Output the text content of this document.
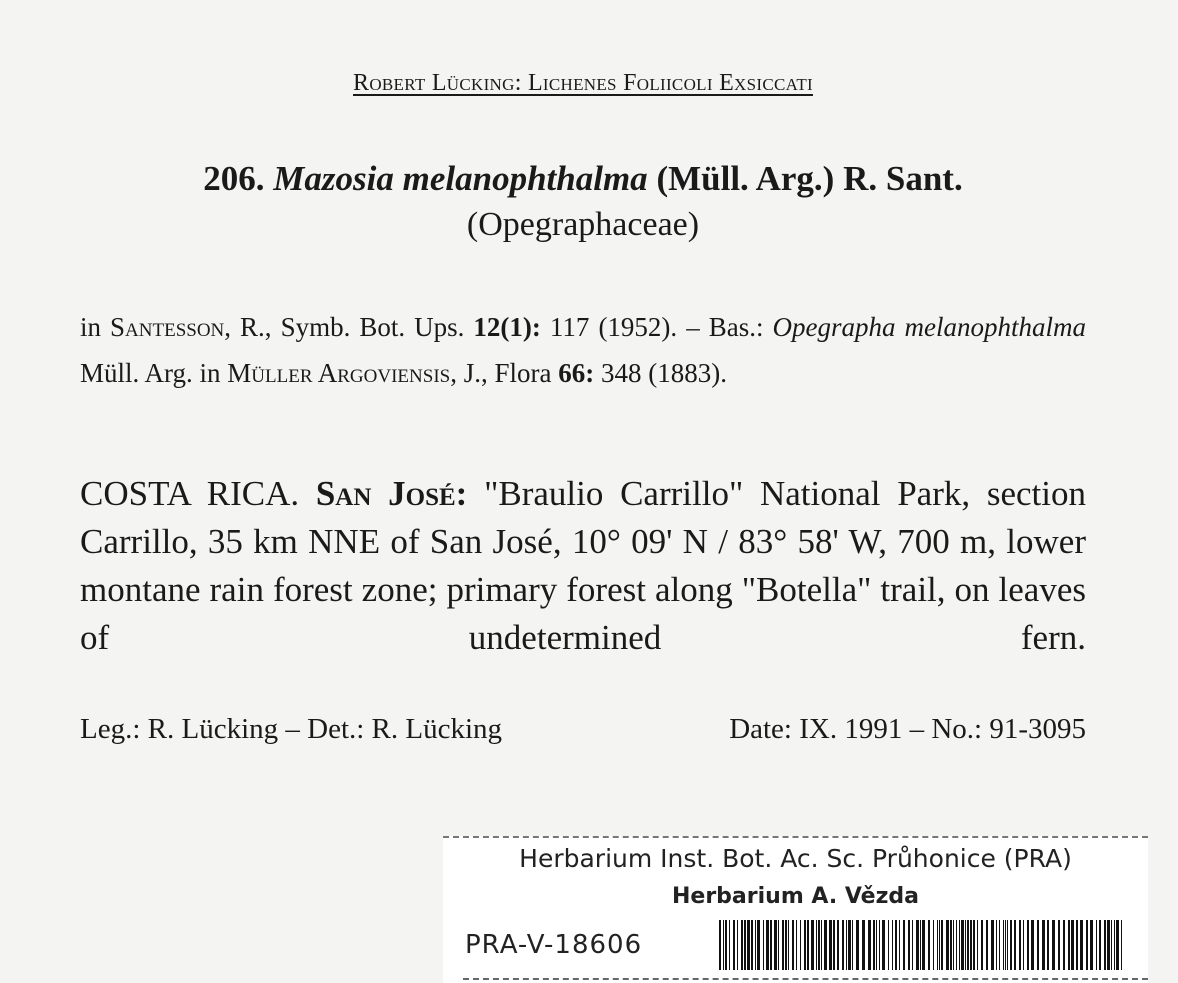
Robert Lücking: Lichenes Foliicoli Exsiccati
206. Mazosia melanophthalma (Müll. Arg.) R. Sant.
(Opegraphaceae)
in Santesson, R., Symb. Bot. Ups. 12(1): 117 (1952). – Bas.: Opegrapha melanophthalma Müll. Arg. in Müller Argoviensis, J., Flora 66: 348 (1883).
COSTA RICA. San José: "Braulio Carrillo" National Park, section Carrillo, 35 km NNE of San José, 10° 09' N / 83° 58' W, 700 m, lower montane rain forest zone; primary forest along "Botella" trail, on leaves of undetermined fern.
Leg.: R. Lücking – Det.: R. Lücking	Date: IX. 1991 – No.: 91-3095
Herbarium Inst. Bot. Ac. Sc. Průhonice (PRA)
Herbarium A. Vězda
PRA-V-18606
